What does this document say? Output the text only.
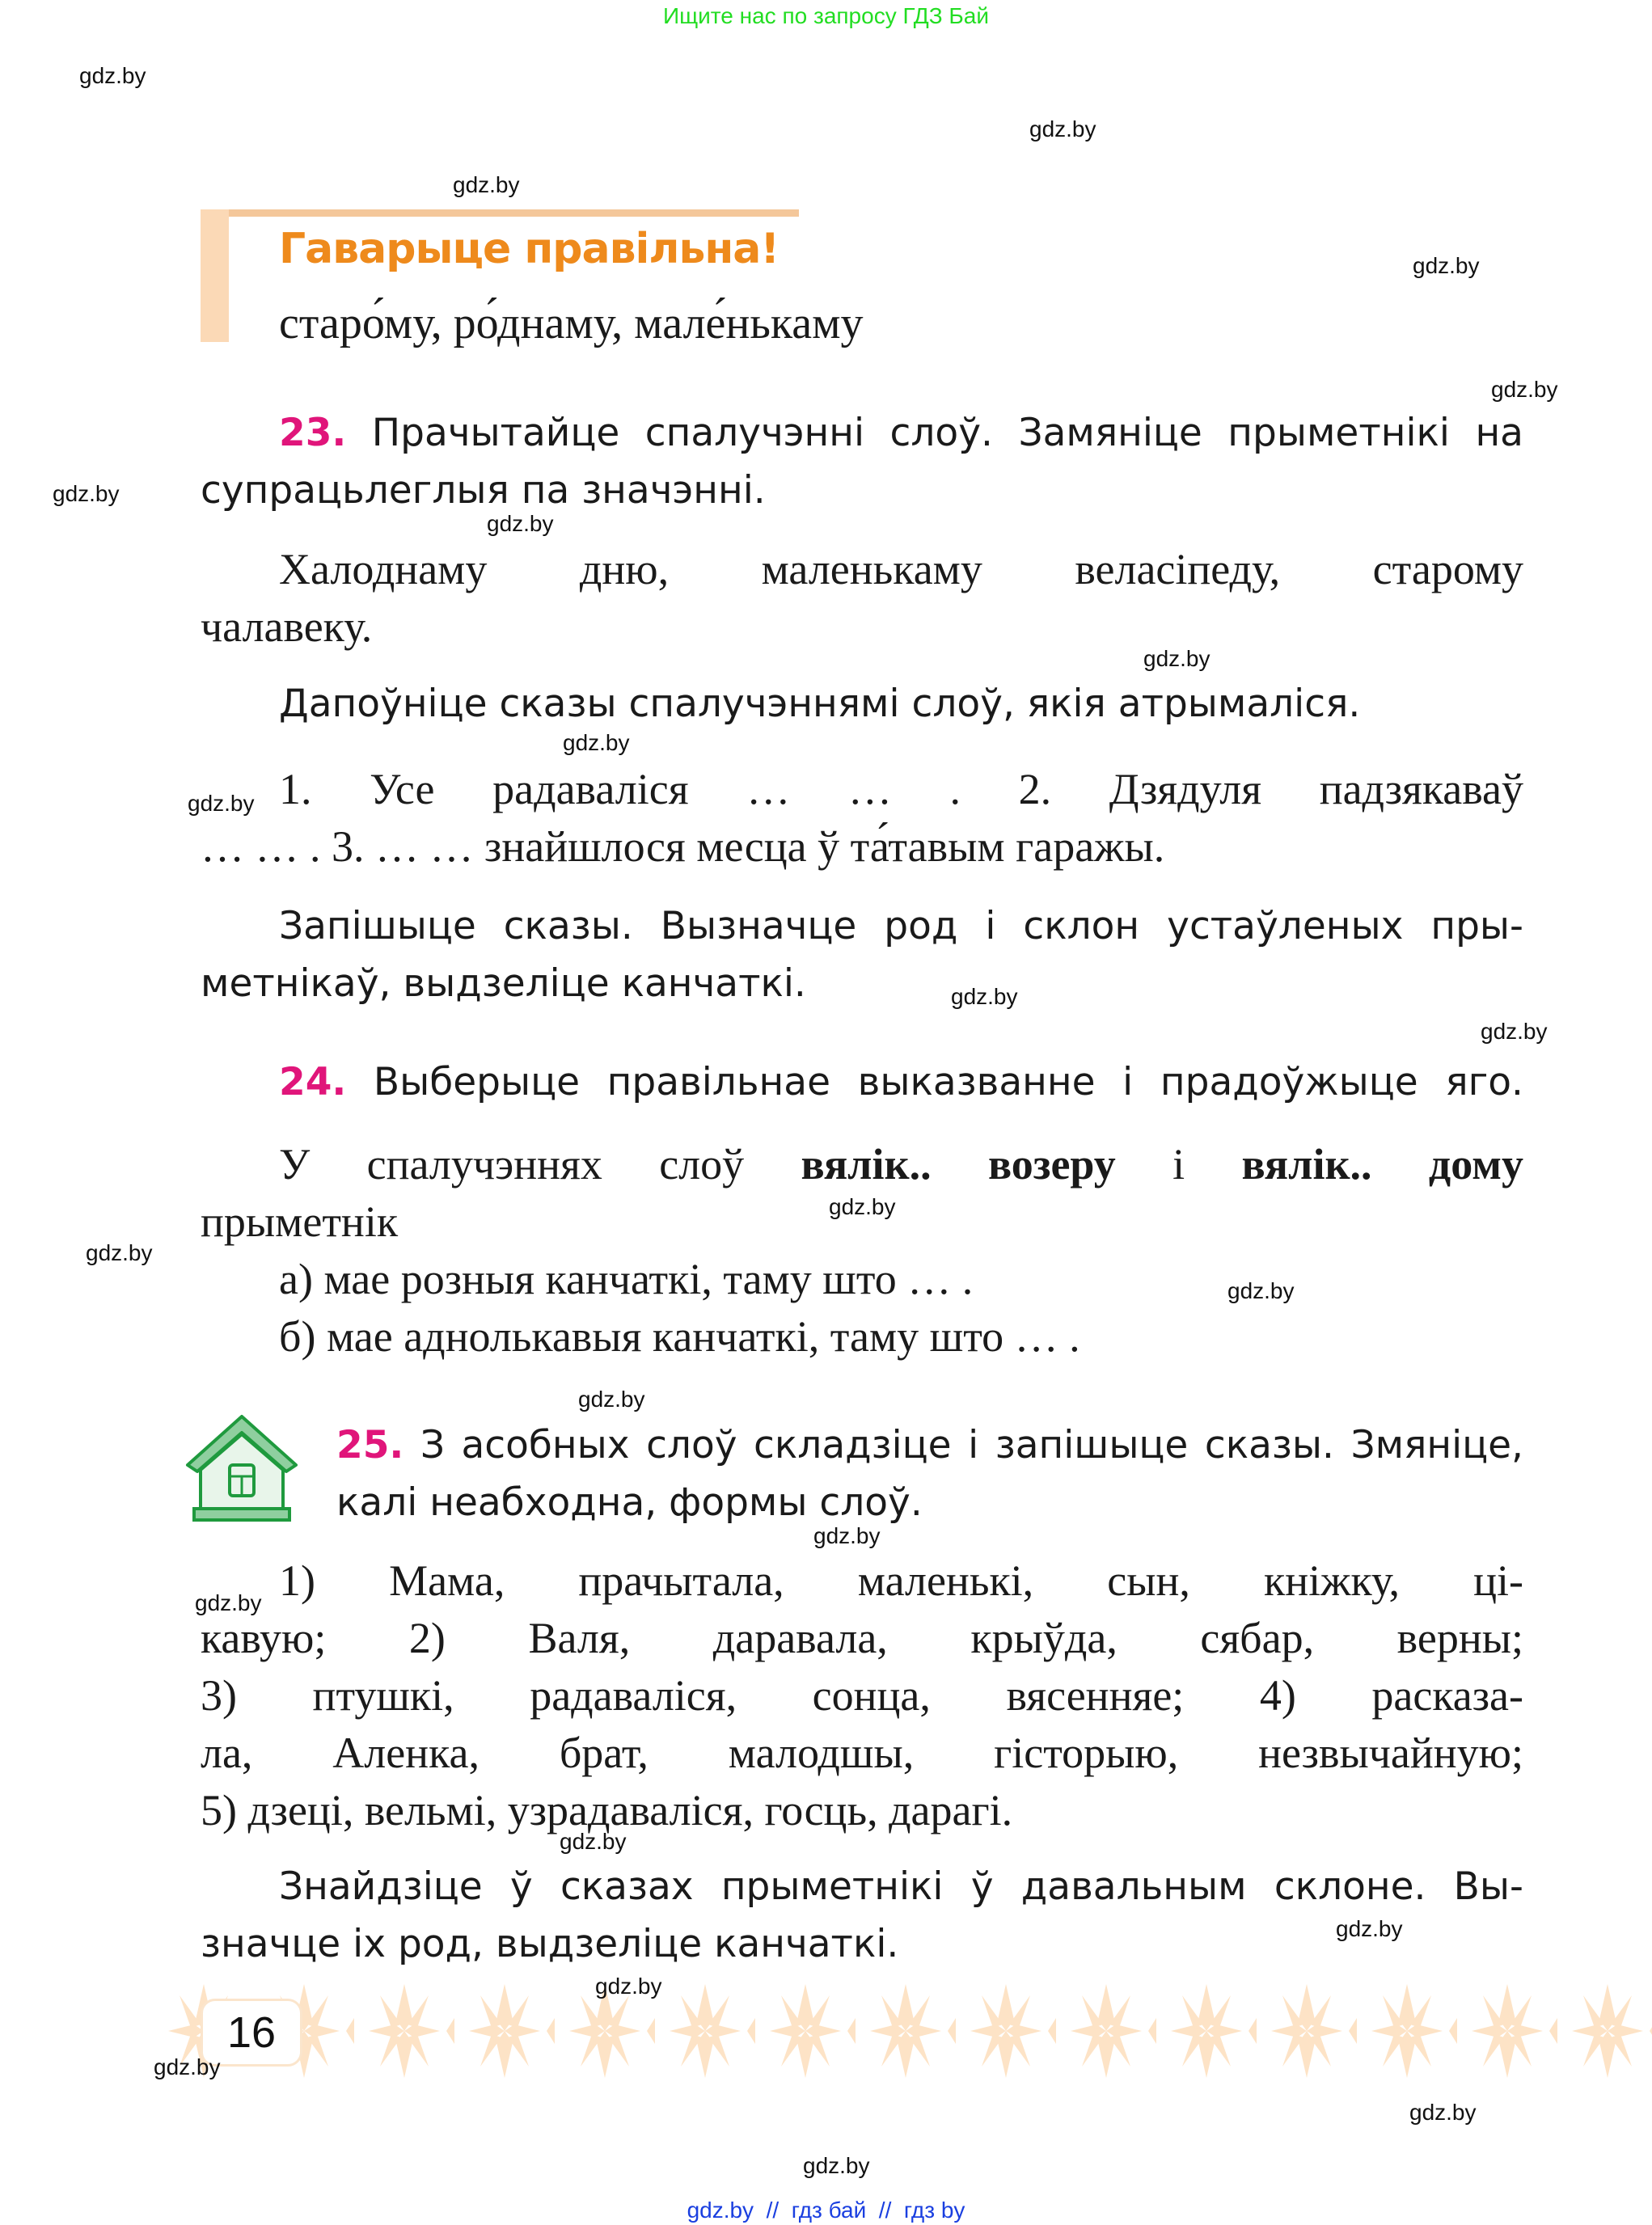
Ищите нас по запросу ГДЗ Бай
Гаварыце правільна!
старо́му, ро́днаму, мале́нькаму
23. Прачытайце спалучэнні слоў. Замяніце прыметнікі на
супрацьлеглыя па значэнні.
Халоднаму дню, маленькаму веласіпеду, старому
чалавеку.
Дапоўніце сказы спалучэннямі слоў, якія атрымаліся.
1. Усе радаваліся … … . 2. Дзядуля падзякаваў
… … . 3. … … знайшлося месца ў та́тавым гаражы.
Запішыце сказы. Вызначце род і склон устаўленых пры-
метнікаў, выдзеліце канчаткі.
24. Выберыце правільнае выказванне і прадоўжыце яго.
У спалучэннях слоў вялік.. возеру і вялік.. дому
прыметнік
а) мае розныя канчаткі, таму што … .
б) мае аднолькавыя канчаткі, таму што … .
25. З асобных слоў складзіце і запішыце сказы. Змяніце,
калі неабходна, формы слоў.
1) Мама, прачытала, маленькі, сын, кніжку, ці-
кавую; 2) Валя, даравала, крыўда, сябар, верны;
3) птушкі, радаваліся, сонца, вясенняе; 4) расказа-
ла, Аленка, брат, малодшы, гісторыю, незвычайную;
5) дзеці, вельмі, узрадаваліся, госць, дарагі.
Знайдзіце ў сказах прыметнікі ў давальным склоне. Вы-
значце іх род, выдзеліце канчаткі.
16
gdz.by
gdz.by
gdz.by
gdz.by
gdz.by
gdz.by
gdz.by
gdz.by
gdz.by
gdz.by
gdz.by
gdz.by
gdz.by
gdz.by
gdz.by
gdz.by
gdz.by
gdz.by
gdz.by
gdz.by
gdz.by
gdz.by
gdz.by
gdz.by
gdz.by  //  гдз бай  //  гдз by
